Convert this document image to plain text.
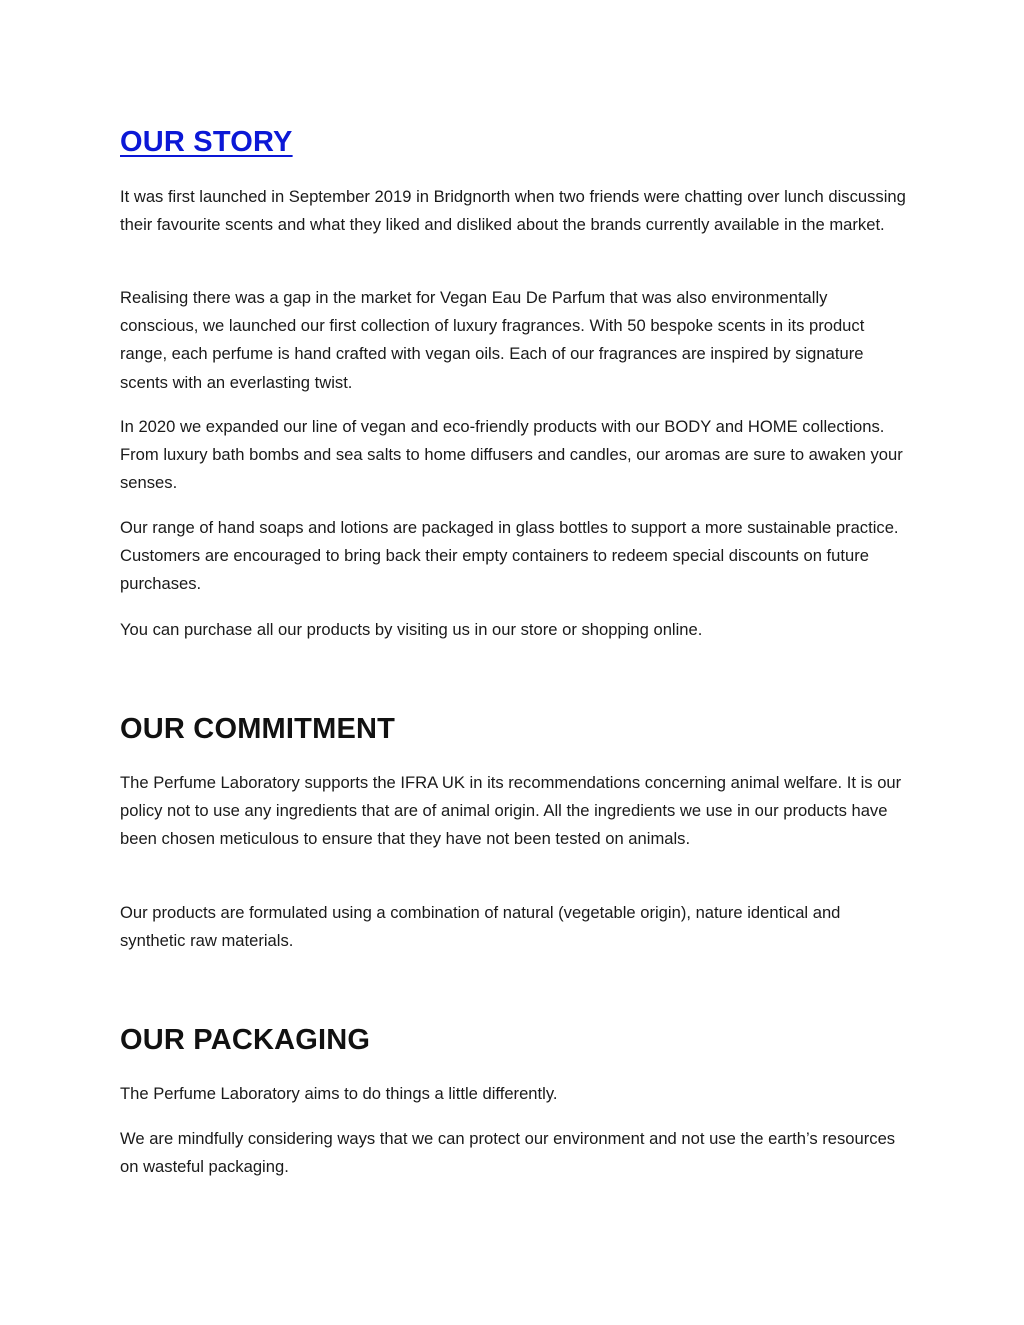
OUR STORY

It was first launched in September 2019 in Bridgnorth when two friends were chatting over lunch discussing their favourite scents and what they liked and disliked about the brands currently available in the market.

Realising there was a gap in the market for Vegan Eau De Parfum that was also environmentally conscious, we launched our first collection of luxury fragrances. With 50 bespoke scents in its product range, each perfume is hand crafted with vegan oils. Each of our fragrances are inspired by signature scents with an everlasting twist.

In 2020 we expanded our line of vegan and eco-friendly products with our BODY and HOME collections. From luxury bath bombs and sea salts to home diffusers and candles, our aromas are sure to awaken your senses.

Our range of hand soaps and lotions are packaged in glass bottles to support a more sustainable practice. Customers are encouraged to bring back their empty containers to redeem special discounts on future purchases.

You can purchase all our products by visiting us in our store or shopping online.

OUR COMMITMENT

The Perfume Laboratory supports the IFRA UK in its recommendations concerning animal welfare. It is our policy not to use any ingredients that are of animal origin. All the ingredients we use in our products have been chosen meticulous to ensure that they have not been tested on animals.

Our products are formulated using a combination of natural (vegetable origin), nature identical and synthetic raw materials.

OUR PACKAGING

The Perfume Laboratory aims to do things a little differently.

We are mindfully considering ways that we can protect our environment and not use the earth’s resources on wasteful packaging.
